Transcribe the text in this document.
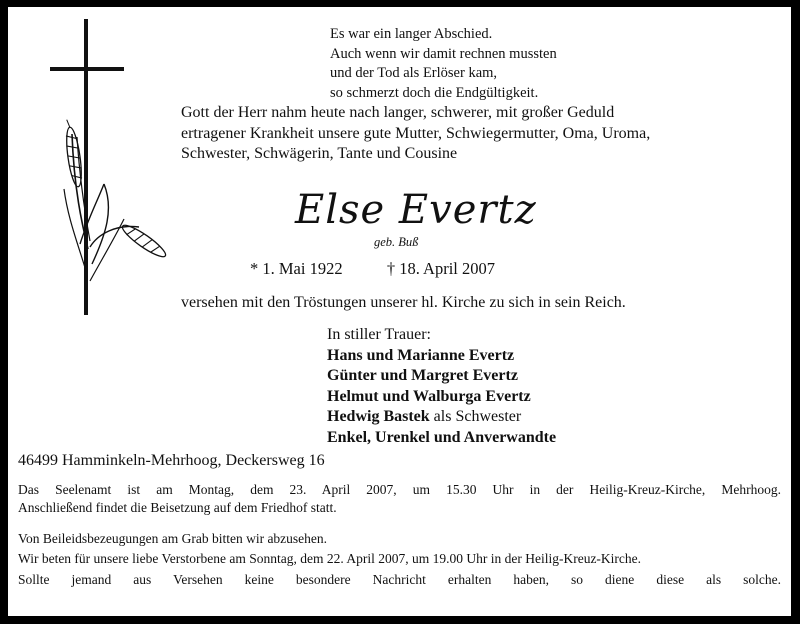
Es war ein langer Abschied.
Auch wenn wir damit rechnen mussten
und der Tod als Erlöser kam,
so schmerzt doch die Endgültigkeit.
Gott der Herr nahm heute nach langer, schwerer, mit großer Geduld
ertragener Krankheit unsere gute Mutter, Schwiegermutter, Oma, Uroma,
Schwester, Schwägerin, Tante und Cousine
Else Evertz
geb. Buß
* 1. Mai 1922	† 18. April 2007
versehen mit den Tröstungen unserer hl. Kirche zu sich in sein Reich.
In stiller Trauer:
Hans und Marianne Evertz
Günter und Margret Evertz
Helmut und Walburga Evertz
Hedwig Bastek als Schwester
Enkel, Urenkel und Anverwandte
46499 Hamminkeln-Mehrhoog, Deckersweg 16
Das Seelenamt ist am Montag, dem 23. April 2007, um 15.30 Uhr in der Heilig-Kreuz-Kirche, Mehrhoog.
Anschließend findet die Beisetzung auf dem Friedhof statt.
Von Beileidsbezeugungen am Grab bitten wir abzusehen.
Wir beten für unsere liebe Verstorbene am Sonntag, dem 22. April 2007, um 19.00 Uhr in der Heilig-Kreuz-Kirche.
Sollte jemand aus Versehen keine besondere Nachricht erhalten haben, so diene diese als solche.
